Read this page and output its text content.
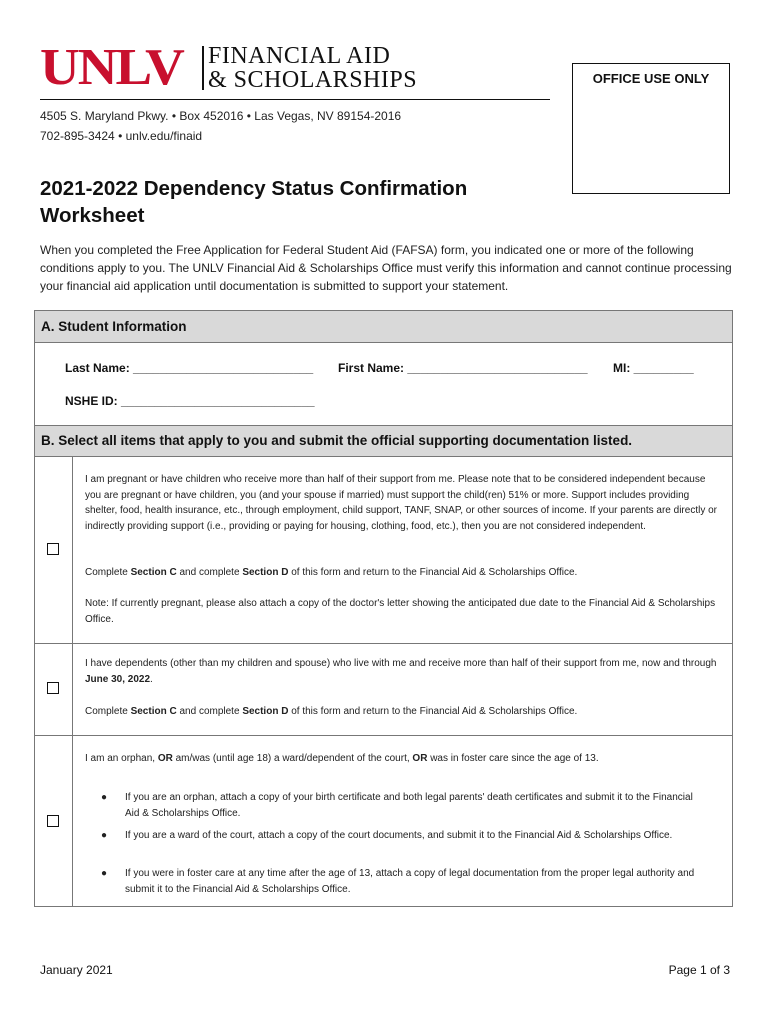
UNLV FINANCIAL AID
& SCHOLARSHIPS
4505 S. Maryland Pkwy. • Box 452016 • Las Vegas, NV 89154-2016
702-895-3424 • unlv.edu/finaid
OFFICE USE ONLY
2021-2022 Dependency Status Confirmation Worksheet
When you completed the Free Application for Federal Student Aid (FAFSA) form, you indicated one or more of the following conditions apply to you. The UNLV Financial Aid & Scholarships Office must verify this information and cannot continue processing your financial aid application until documentation is submitted to support your statement.
A. Student Information
Last Name: ___________________________ First Name: ___________________________ MI: _________
NSHE ID: _____________________________
B. Select all items that apply to you and submit the official supporting documentation listed.
I am pregnant or have children who receive more than half of their support from me. Please note that to be considered independent because you are pregnant or have children, you (and your spouse if married) must support the child(ren) 51% or more. Support includes providing shelter, food, health insurance, etc., through employment, child support, TANF, SNAP, or other sources of income. If your parents are directly or indirectly providing support (i.e., providing or paying for housing, clothing, food, etc.), then you are not considered independent.
Complete Section C and complete Section D of this form and return to the Financial Aid & Scholarships Office.
Note: If currently pregnant, please also attach a copy of the doctor's letter showing the anticipated due date to the Financial Aid & Scholarships Office.
I have dependents (other than my children and spouse) who live with me and receive more than half of their support from me, now and through June 30, 2022.
Complete Section C and complete Section D of this form and return to the Financial Aid & Scholarships Office.
I am an orphan, OR am/was (until age 18) a ward/dependent of the court, OR was in foster care since the age of 13.
● If you are an orphan, attach a copy of your birth certificate and both legal parents' death certificates and submit it to the Financial Aid & Scholarships Office.
● If you are a ward of the court, attach a copy of the court documents, and submit it to the Financial Aid & Scholarships Office.
● If you were in foster care at any time after the age of 13, attach a copy of legal documentation from the proper legal authority and submit it to the Financial Aid & Scholarships Office.
January 2021	Page 1 of 3
